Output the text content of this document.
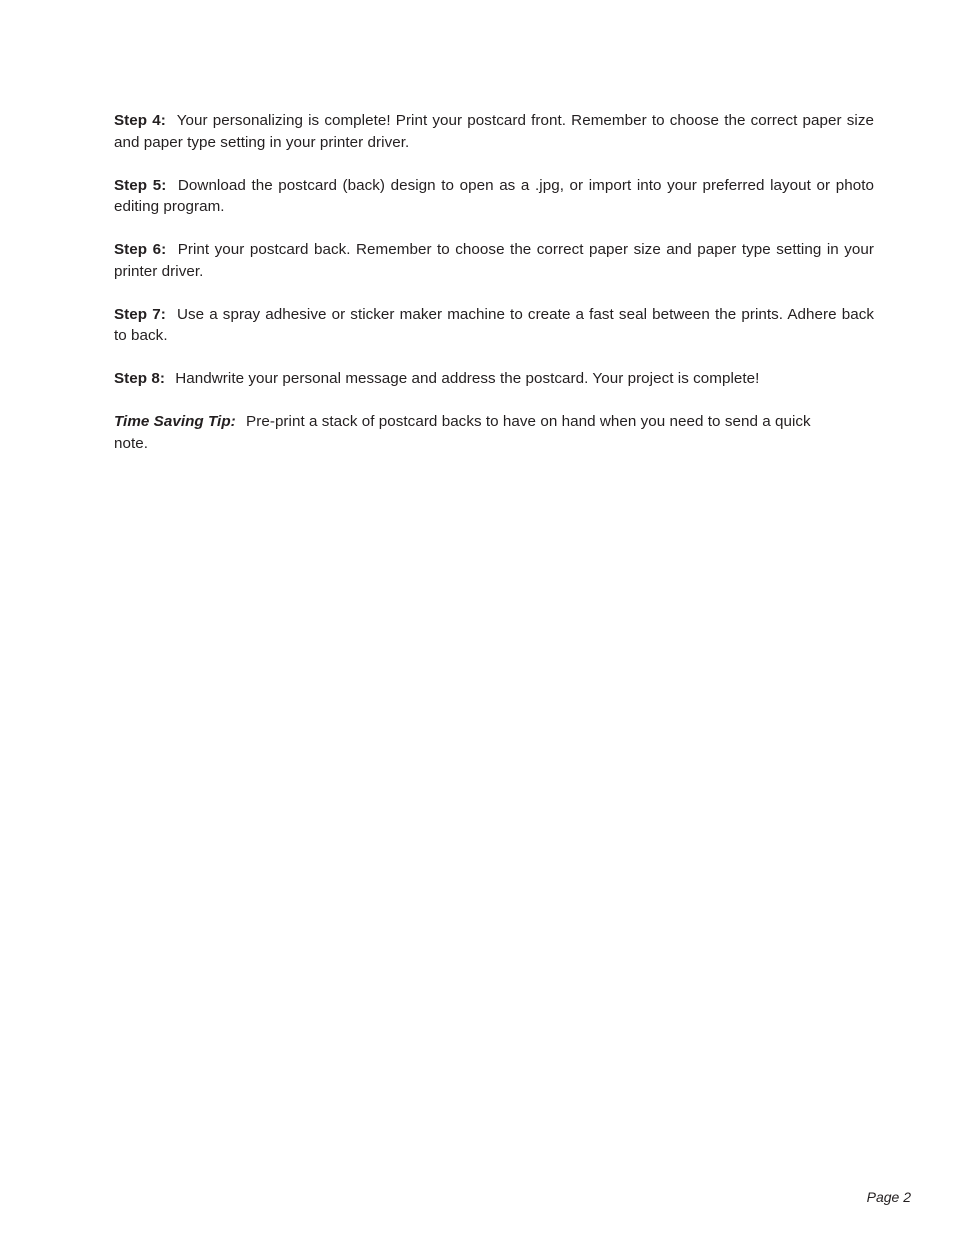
Step 4: Your personalizing is complete! Print your postcard front. Remember to choose the correct paper size and paper type setting in your printer driver.

Step 5: Download the postcard (back) design to open as a .jpg, or import into your preferred layout or photo editing program.

Step 6: Print your postcard back. Remember to choose the correct paper size and paper type setting in your printer driver.

Step 7: Use a spray adhesive or sticker maker machine to create a fast seal between the prints. Adhere back to back.

Step 8: Handwrite your personal message and address the postcard. Your project is complete!

Time Saving Tip: Pre-print a stack of postcard backs to have on hand when you need to send a quick note.

Page 2
